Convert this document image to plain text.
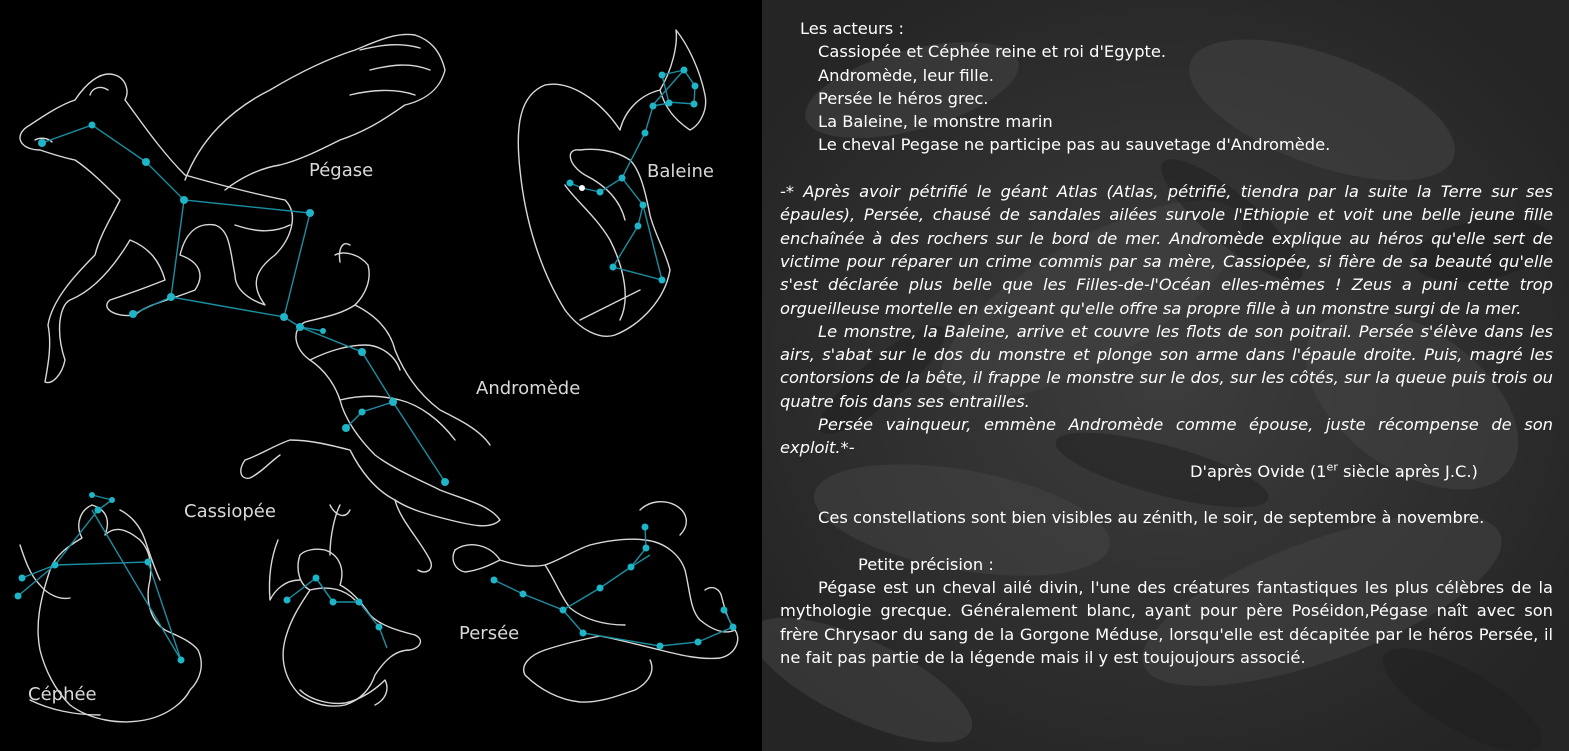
Pégase	Baleine
Andromède
Cassiopée
Persée
Céphée

Les acteurs :

Cassiopée et Céphée reine et roi d'Egypte.

Andromède, leur fille.

Persée le héros grec.

La Baleine, le monstre marin

Le cheval Pegase ne participe pas au sauvetage d'Andromède.

-* Après avoir pétrifié le géant Atlas (Atlas, pétrifié, tiendra par la suite la Terre sur ses épaules), Persée, chausé de sandales ailées survole l'Ethiopie et voit une belle jeune fille enchaînée à des rochers sur le bord de mer. Andromède explique au héros qu'elle sert de victime pour réparer un crime commis par sa mère, Cassiopée, si fière de sa beauté qu'elle s'est déclarée plus belle que les Filles-de-l'Océan elles-mêmes ! Zeus a puni cette trop orgueilleuse mortelle en exigeant qu'elle offre sa propre fille à un monstre surgi de la mer.

Le monstre, la Baleine, arrive et couvre les flots de son poitrail. Persée s'élève dans les airs, s'abat sur le dos du monstre et plonge son arme dans l'épaule droite. Puis, magré les contorsions de la bête, il frappe le monstre sur le dos, sur les côtés, sur la queue puis trois ou quatre fois dans ses entrailles.

Persée vainqueur, emmène Andromède comme épouse, juste récompense de son exploit.*-

D'après Ovide (1er siècle après J.C.)

Ces constellations sont bien visibles au zénith, le soir, de septembre à novembre.

Petite précision :

Pégase est un cheval ailé divin, l'une des créatures fantastiques les plus célèbres de la mythologie grecque. Généralement blanc, ayant pour père Poséidon,Pégase naît avec son frère Chrysaor du sang de la Gorgone Méduse, lorsqu'elle est décapitée par le héros Persée, il ne fait pas partie de la légende mais il y est toujoujours associé.
